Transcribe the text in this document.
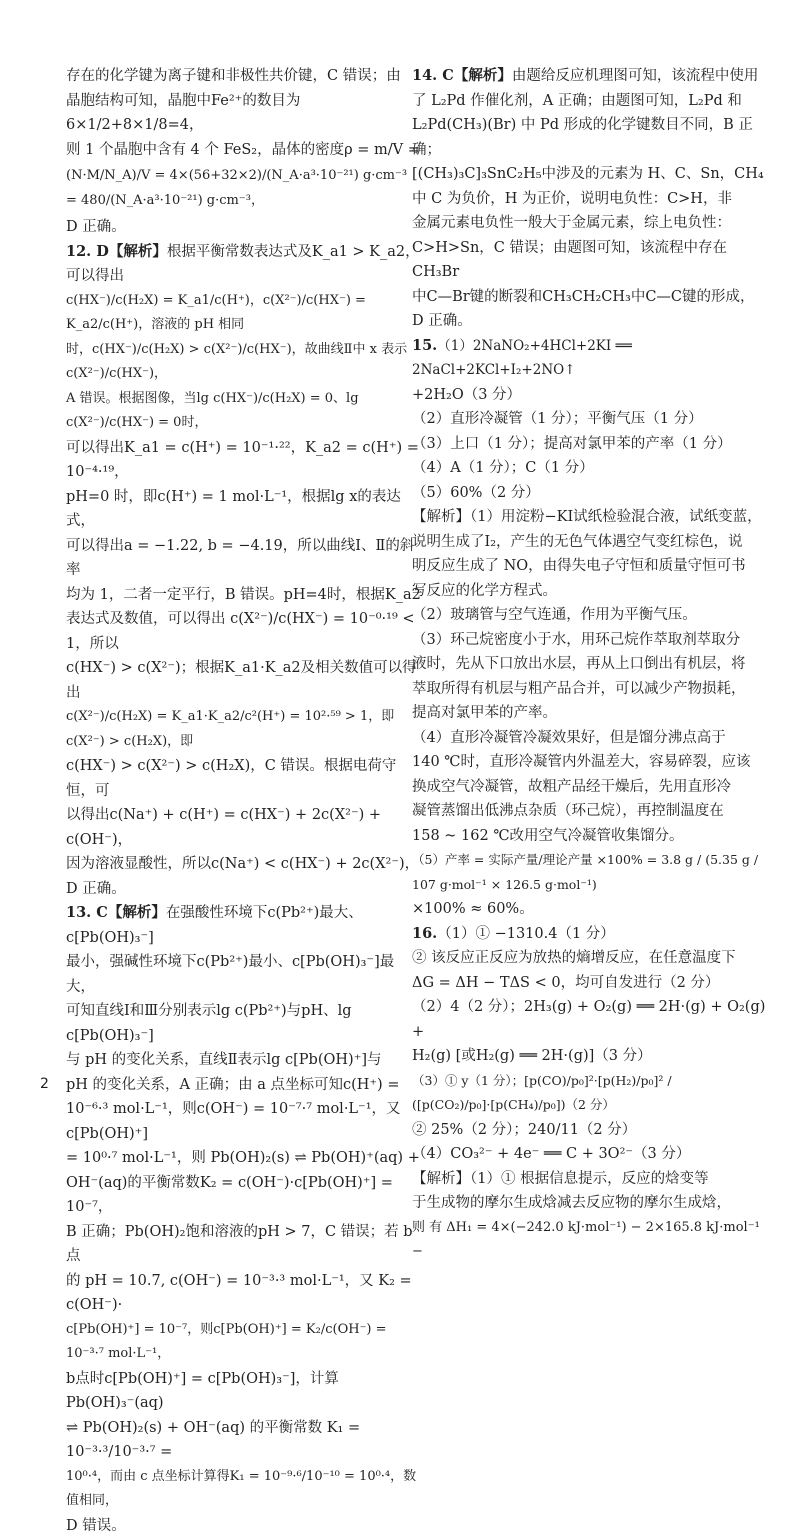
存在的化学键为离子键和非极性共价键，C 错误；由

晶胞结构可知，晶胞中Fe²⁺的数目为6×1/2+8×1/8=4，

则 1 个晶胞中含有 4 个 FeS₂，晶体的密度ρ = m/V =

(N·M/N_A)/V = 4×(56+32×2)/(N_A·a³·10⁻²¹) g·cm⁻³ = 480/(N_A·a³·10⁻²¹) g·cm⁻³，

D 正确。

12. D【解析】根据平衡常数表达式及K_a1 > K_a2，可以得出

c(HX⁻)/c(H₂X) = K_a1/c(H⁺)，c(X²⁻)/c(HX⁻) = K_a2/c(H⁺)，溶液的 pH 相同

时，c(HX⁻)/c(H₂X) > c(X²⁻)/c(HX⁻)，故曲线Ⅱ中 x 表示 c(X²⁻)/c(HX⁻)，

A 错误。根据图像，当lg c(HX⁻)/c(H₂X) = 0、lg c(X²⁻)/c(HX⁻) = 0时，

可以得出K_a1 = c(H⁺) = 10⁻¹·²²，K_a2 = c(H⁺) = 10⁻⁴·¹⁹，

pH=0 时，即c(H⁺) = 1 mol·L⁻¹，根据lg x的表达式，

可以得出a = −1.22, b = −4.19，所以曲线Ⅰ、Ⅱ的斜率

均为 1，二者一定平行，B 错误。pH=4时，根据K_a2

表达式及数值，可以得出 c(X²⁻)/c(HX⁻) = 10⁻⁰·¹⁹ < 1，所以

c(HX⁻) > c(X²⁻)；根据K_a1·K_a2及相关数值可以得出

c(X²⁻)/c(H₂X) = K_a1·K_a2/c²(H⁺) = 10²·⁵⁹ > 1，即 c(X²⁻) > c(H₂X)，即

c(HX⁻) > c(X²⁻) > c(H₂X)，C 错误。根据电荷守恒，可

以得出c(Na⁺) + c(H⁺) = c(HX⁻) + 2c(X²⁻) + c(OH⁻)，

因为溶液显酸性，所以c(Na⁺) < c(HX⁻) + 2c(X²⁻)，

D 正确。

13. C【解析】在强酸性环境下c(Pb²⁺)最大、c[Pb(OH)₃⁻]

最小，强碱性环境下c(Pb²⁺)最小、c[Pb(OH)₃⁻]最大，

可知直线Ⅰ和Ⅲ分别表示lg c(Pb²⁺)与pH、lg c[Pb(OH)₃⁻]

与 pH 的变化关系，直线Ⅱ表示lg c[Pb(OH)⁺]与

pH 的变化关系，A 正确；由 a 点坐标可知c(H⁺) =

10⁻⁶·³ mol·L⁻¹，则c(OH⁻) = 10⁻⁷·⁷ mol·L⁻¹，又c[Pb(OH)⁺]

= 10⁰·⁷ mol·L⁻¹，则 Pb(OH)₂(s) ⇌ Pb(OH)⁺(aq) +

OH⁻(aq)的平衡常数K₂ = c(OH⁻)·c[Pb(OH)⁺] = 10⁻⁷，

B 正确；Pb(OH)₂饱和溶液的pH > 7，C 错误；若 b 点

的 pH = 10.7, c(OH⁻) = 10⁻³·³ mol·L⁻¹，又 K₂ = c(OH⁻)·

c[Pb(OH)⁺] = 10⁻⁷，则c[Pb(OH)⁺] = K₂/c(OH⁻) = 10⁻³·⁷ mol·L⁻¹，

b点时c[Pb(OH)⁺] = c[Pb(OH)₃⁻]，计算 Pb(OH)₃⁻(aq)

⇌ Pb(OH)₂(s) + OH⁻(aq) 的平衡常数 K₁ = 10⁻³·³/10⁻³·⁷ =

10⁰·⁴，而由 c 点坐标计算得K₁ = 10⁻⁹·⁶/10⁻¹⁰ = 10⁰·⁴，数值相同，

D 错误。

14. C【解析】由题给反应机理图可知，该流程中使用

了 L₂Pd 作催化剂，A 正确；由题图可知，L₂Pd 和

L₂Pd(CH₃)(Br) 中 Pd 形成的化学键数目不同，B 正确；

[(CH₃)₃C]₃SnC₂H₅中涉及的元素为 H、C、Sn，CH₄

中 C 为负价，H 为正价，说明电负性：C>H，非

金属元素电负性一般大于金属元素，综上电负性：

C>H>Sn，C 错误；由题图可知，该流程中存在CH₃Br

中C—Br键的断裂和CH₃CH₂CH₃中C—C键的形成，

D 正确。

15.（1）2NaNO₂+4HCl+2KI ══ 2NaCl+2KCl+I₂+2NO↑

+2H₂O（3 分）

（2）直形冷凝管（1 分）；平衡气压（1 分）

（3）上口（1 分）；提高对氯甲苯的产率（1 分）

（4）A（1 分）；C（1 分）

（5）60%（2 分）

【解析】（1）用淀粉−KI试纸检验混合液，试纸变蓝，

说明生成了I₂，产生的无色气体遇空气变红棕色，说

明反应生成了 NO，由得失电子守恒和质量守恒可书

写反应的化学方程式。

（2）玻璃管与空气连通，作用为平衡气压。

（3）环己烷密度小于水，用环己烷作萃取剂萃取分

液时，先从下口放出水层，再从上口倒出有机层，将

萃取所得有机层与粗产品合并，可以减少产物损耗，

提高对氯甲苯的产率。

（4）直形冷凝管冷凝效果好，但是馏分沸点高于

140 ℃时，直形冷凝管内外温差大，容易碎裂，应该

换成空气冷凝管，故粗产品经干燥后，先用直形冷

凝管蒸馏出低沸点杂质（环己烷），再控制温度在

158 ~ 162 ℃改用空气冷凝管收集馏分。

（5）产率 = 实际产量/理论产量 ×100% = 3.8 g / (5.35 g / 107 g·mol⁻¹ × 126.5 g·mol⁻¹)

×100% ≈ 60%。

16.（1）① −1310.4（1 分）

② 该反应正反应为放热的熵增反应，在任意温度下

ΔG = ΔH − TΔS < 0，均可自发进行（2 分）

（2）4（2 分）；2H₃(g) + O₂(g) ══ 2H·(g) + O₂(g) +

H₂(g) [或H₂(g) ══ 2H·(g)]（3 分）

（3）① y（1 分）；[p(CO)/p₀]²·[p(H₂)/p₀]² / ([p(CO₂)/p₀]·[p(CH₄)/p₀])（2 分）

② 25%（2 分）；240/11（2 分）

（4）CO₃²⁻ + 4e⁻ ══ C + 3O²⁻（3 分）

【解析】（1）① 根据信息提示，反应的焓变等

于生成物的摩尔生成焓减去反应物的摩尔生成焓，

则 有 ΔH₁ = 4×(−242.0 kJ·mol⁻¹) − 2×165.8 kJ·mol⁻¹ −

2
